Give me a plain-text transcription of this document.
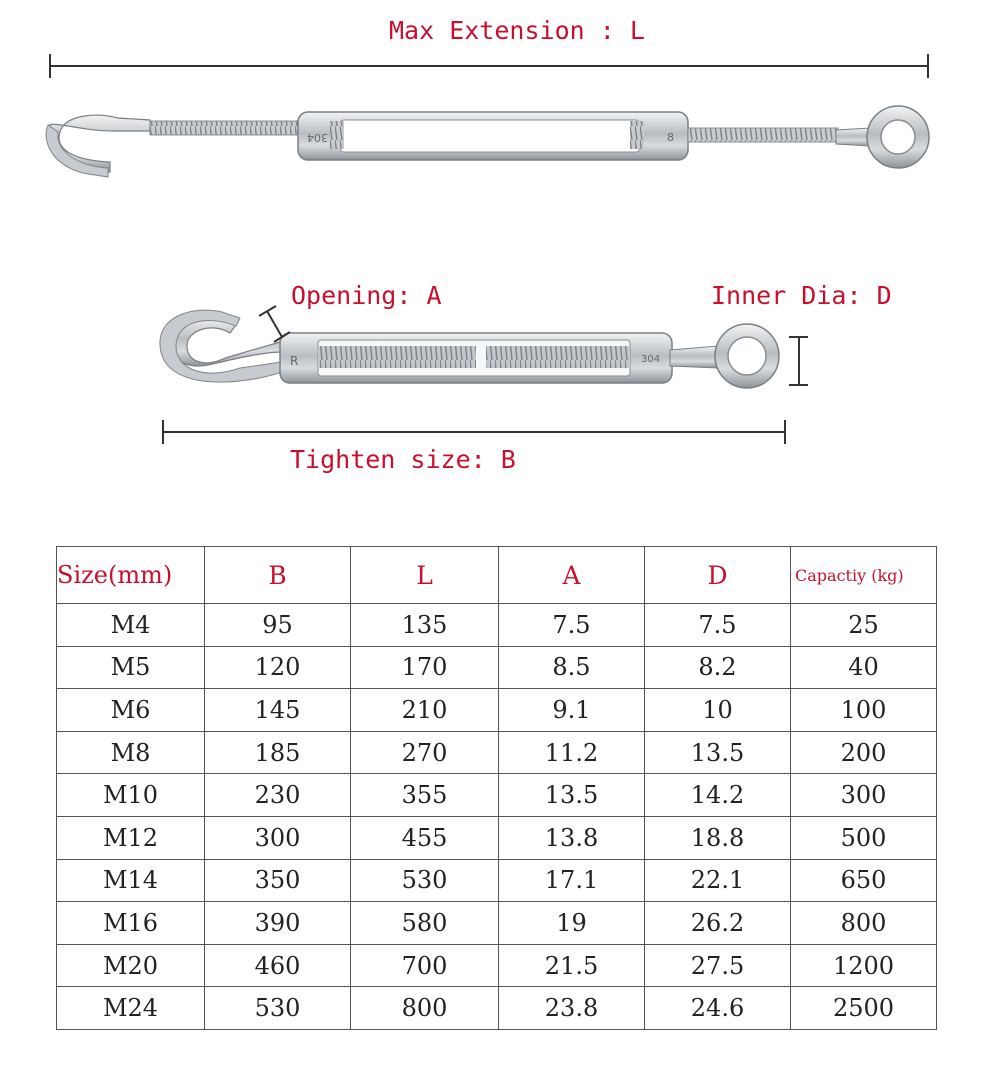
304	8
R	304
Max Extension : L
Opening: A	Inner Dia: D
Tighten size: B
Size(mm)	B	L	A	D	Capactiy (kg)
M4	95	135	7.5	7.5	25
M5	120	170	8.5	8.2	40
M6	145	210	9.1	10	100
M8	185	270	11.2	13.5	200
M10	230	355	13.5	14.2	300
M12	300	455	13.8	18.8	500
M14	350	530	17.1	22.1	650
M16	390	580	19	26.2	800
M20	460	700	21.5	27.5	1200
M24	530	800	23.8	24.6	2500
